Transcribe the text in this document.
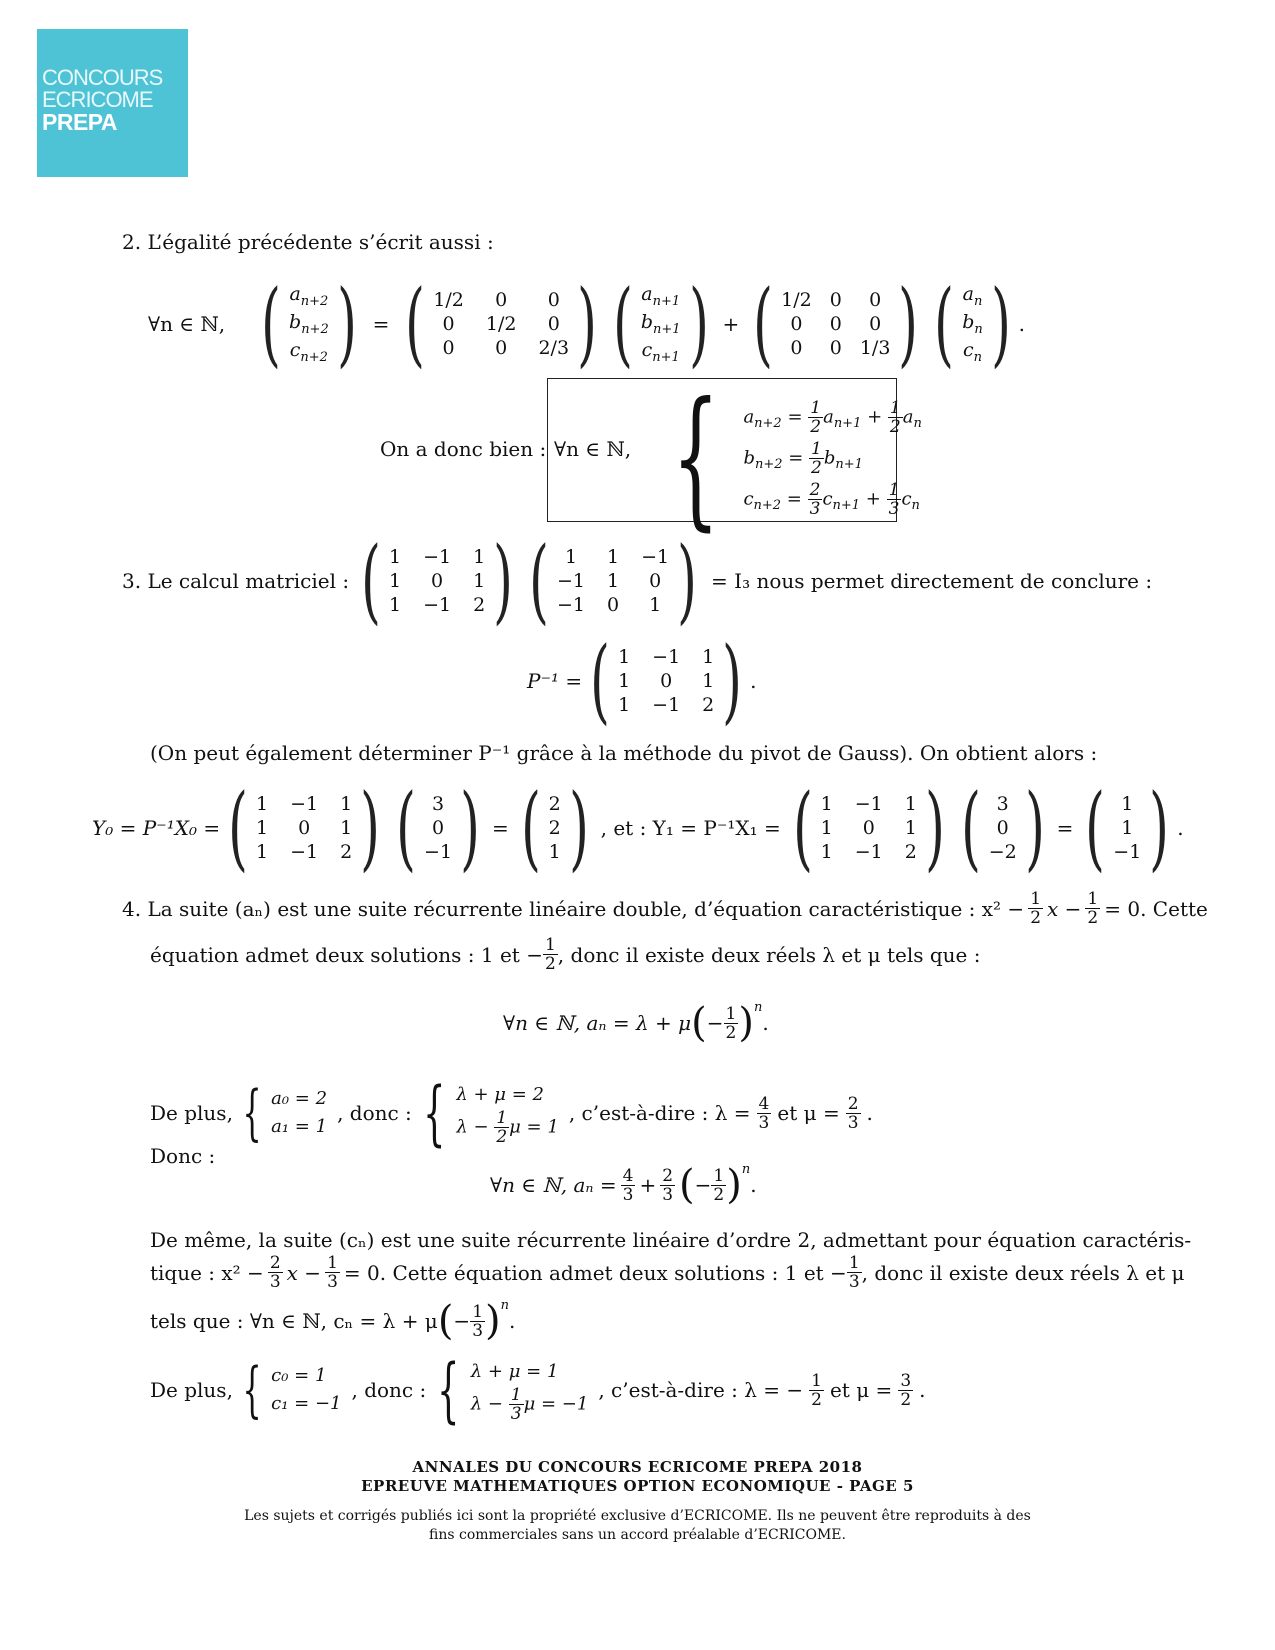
CONCOURS
ECRICOME
PREPA
2. L’égalité précédente s’écrit aussi :
∀n ∈ ℕ, ( $a_{n+2}$
$b_{n+2}$
$c_{n+2}$ ) = ( 1/2	0	0
0	1/2	0
0	0	2/3 ) ( $a_{n+1}$
$b_{n+1}$
$c_{n+1}$ ) + ( 1/2 0	0
0	0	0
0	0 1/3 ) ( $a_n$
$b_n$
$c_n$ ) .
On a donc bien : ∀n ∈ ℕ, { $a_{n+2} = \frac{1}{2} a_{n+1} + \frac{1}{2} a_n$
$b_{n+2} = \frac{1}{2} b_{n+1}$
$c_{n+2} = \frac{2}{3} c_{n+1} + \frac{1}{3} c_n$
3. Le calcul matriciel : ( 1 −1 1
1	0	1
1 −1 2 ) ( 1	1 −1
−1 1	0
−1 0	1 ) = I₃ nous permet directement de conclure :
P⁻¹ = ( 1 −1 1
1	0	1
1 −1 2 ) .
(On peut également déterminer P⁻¹ grâce à la méthode du pivot de Gauss). On obtient alors :
Y₀ = P⁻¹X₀ = ( 1 −1 1
1	0	1
1 −1 2 ) ( 3
0
−1 ) = ( 2
2
1 ) , et : Y₁ = P⁻¹X₁ = ( 1 −1 1
1	0	1
1 −1 2 ) ( 3
0
−2 ) = ( 1
1
−1 ) .
4. La suite (aₙ) est une suite récurrente linéaire double, d’équation caractéristique : $x^2 - \frac{1}{2}$ $x - \frac{1}{2} = 0$. Cette
équation admet deux solutions : 1 et − $\frac{1}{2}$ , donc il existe deux réels λ et μ tels que :
∀n ∈ ℕ, aₙ = λ + μ ( − $\frac{1}{2} )^n$
.
De plus, { a₀ = 2
a₁ = 1
, donc : { λ + μ = 2
$\lambda - \frac{1}{2}$ μ = 1
, c’est-à-dire : $\lambda = \frac{4}{3}$ et $\mu = \frac{2}{3}$ .
Donc :
∀n ∈ ℕ, $a_n = \frac{4}{3} + \frac{2}{3}$ ( − $\frac{1}{2} )^n$
.
De même, la suite (cₙ) est une suite récurrente linéaire d’ordre 2, admettant pour équation caractéris-
tique : $x^2 - \frac{2}{3}$ $x - \frac{1}{3} = 0$. Cette équation admet deux solutions : 1 et − $\frac{1}{3}$ , donc il existe deux réels λ et μ
tels que : ∀n ∈ ℕ, cₙ = λ + μ ( − $\frac{1}{3} )^n$
.
De plus, { c₀ = 1
c₁ = −1
, donc : { λ + μ = 1
$\lambda - \frac{1}{3}$ μ = −1
, c’est-à-dire : λ = − $\frac{1}{2}$ et $\mu = \frac{3}{2}$ .
ANNALES DU CONCOURS ECRICOME PREPA 2018
EPREUVE MATHEMATIQUES OPTION ECONOMIQUE - PAGE 5
Les sujets et corrigés publiés ici sont la propriété exclusive d’ECRICOME. Ils ne peuvent être reproduits à des
fins commerciales sans un accord préalable d’ECRICOME.
